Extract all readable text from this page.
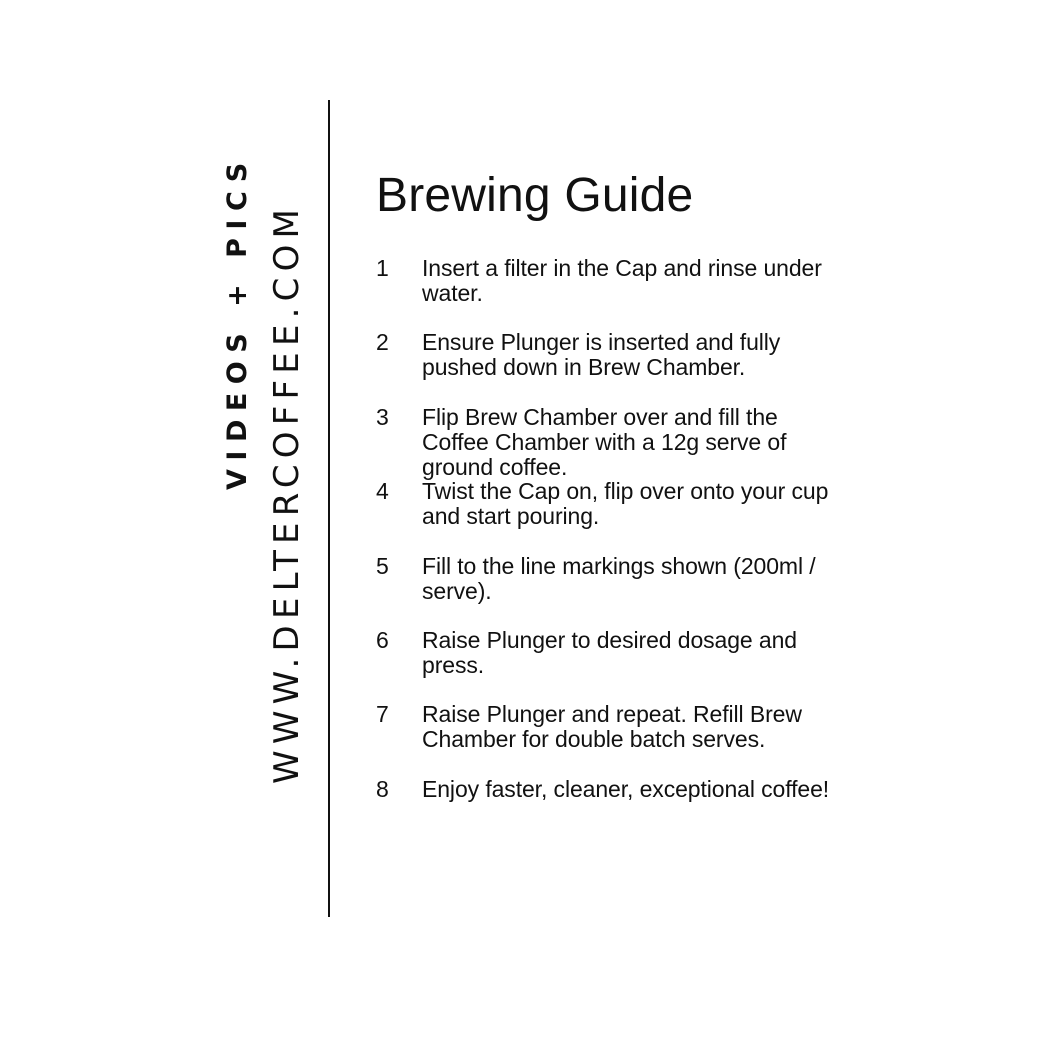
VIDEOS + PICS WWW.DELTERCOFFEE.COM
Brewing Guide
1	Insert a filter in the Cap and rinse under water.
2	Ensure Plunger is inserted and fully pushed down in Brew Chamber.
3	Flip Brew Chamber over and fill the Coffee Chamber with a 12g serve of ground coffee.
4	Twist the Cap on, flip over onto your cup and start pouring.
5	Fill to the line markings shown (200ml / serve).
6	Raise Plunger to desired dosage and press.
7	Raise Plunger and repeat. Refill Brew Chamber for double batch serves.
8	Enjoy faster, cleaner, exceptional coffee!
